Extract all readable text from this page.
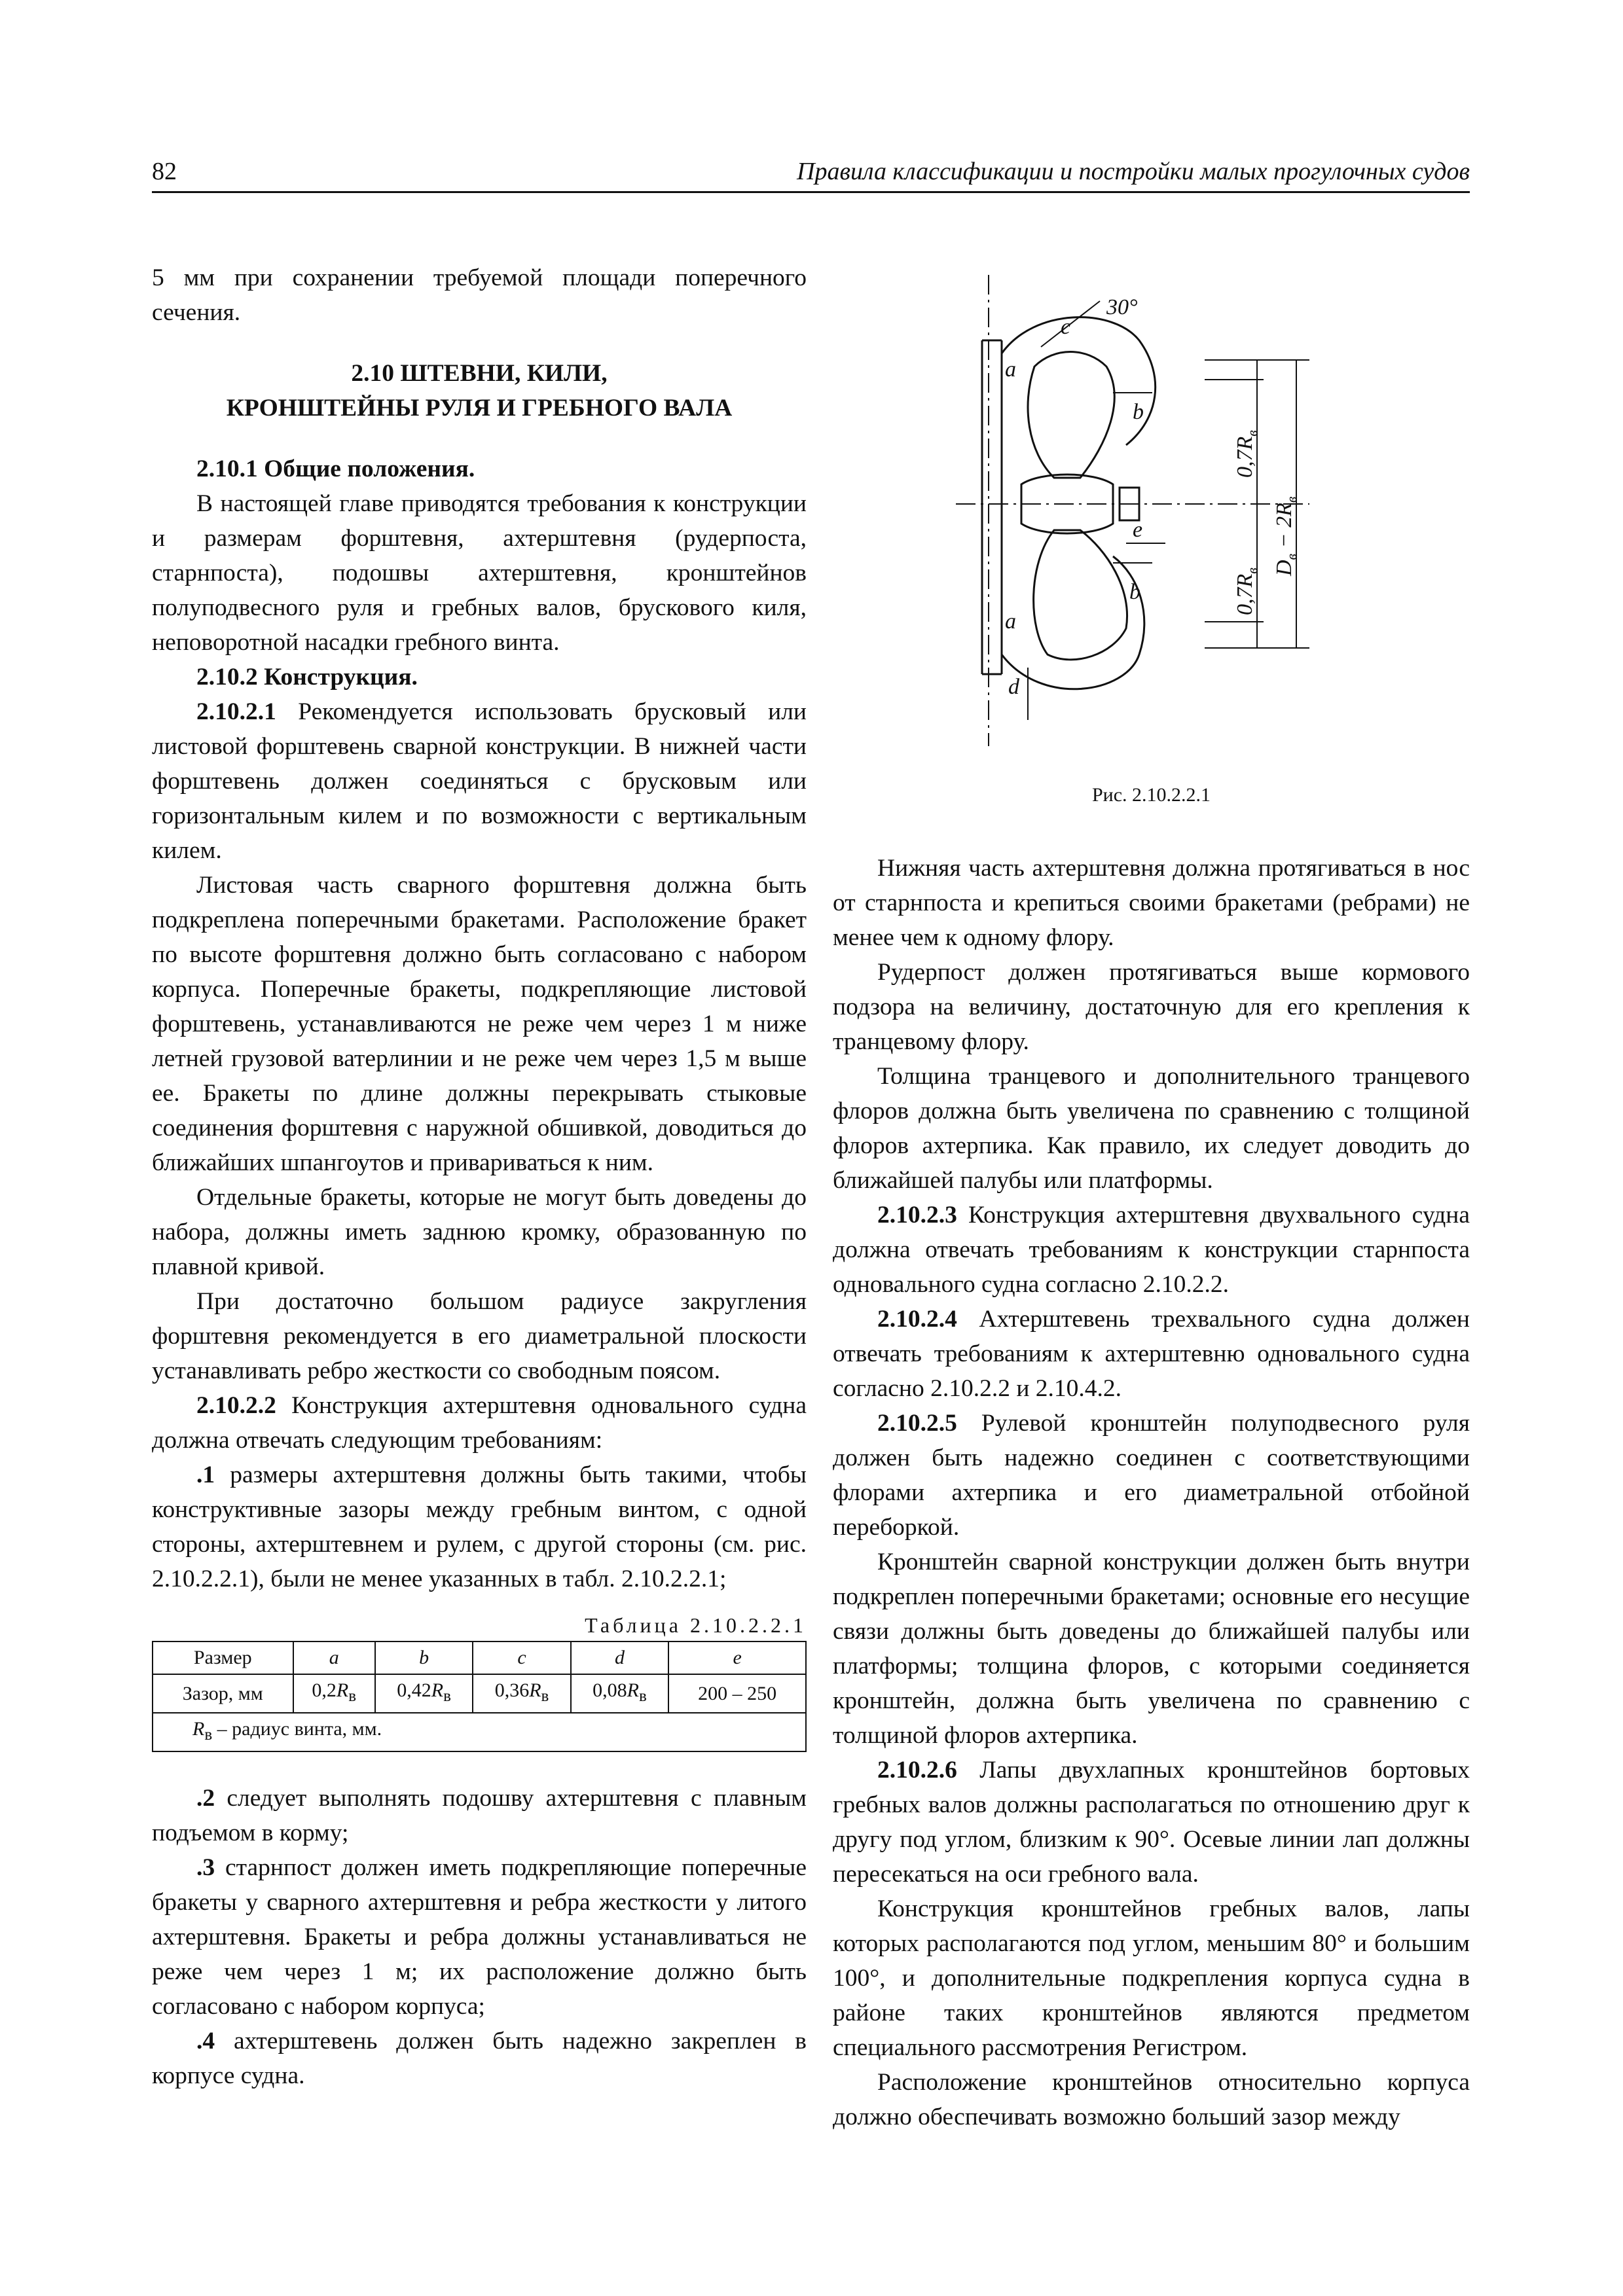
82	Правила классификации и постройки малых прогулочных судов

5 мм при сохранении требуемой площади поперечного сечения.

2.10 ШТЕВНИ, КИЛИ,
КРОНШТЕЙНЫ РУЛЯ И ГРЕБНОГО ВАЛА

2.10.1 Общие положения.

В настоящей главе приводятся требования к конструкции и размерам форштевня, ахтерштевня (рудерпоста, старнпоста), подошвы ахтерштевня, кронштейнов полуподвесного руля и гребных валов, брускового киля, неповоротной насадки гребного винта.

2.10.2 Конструкция.

2.10.2.1 Рекомендуется использовать брусковый или листовой форштевень сварной конструкции. В нижней части форштевень должен соединяться с брусковым или горизонтальным килем и по возможности с вертикальным килем.

Листовая часть сварного форштевня должна быть подкреплена поперечными бракетами. Расположение бракет по высоте форштевня должно быть согласовано с набором корпуса. Поперечные бракеты, подкрепляющие листовой форштевень, устанавливаются не реже чем через 1 м ниже летней грузовой ватерлинии и не реже чем через 1,5 м выше ее. Бракеты по длине должны перекрывать стыковые соединения форштевня с наружной обшивкой, доводиться до ближайших шпангоутов и привариваться к ним.

Отдельные бракеты, которые не могут быть доведены до набора, должны иметь заднюю кромку, образованную по плавной кривой.

При достаточно большом радиусе закругления форштевня рекомендуется в его диаметральной плоскости устанавливать ребро жесткости со свободным поясом.

2.10.2.2 Конструкция ахтерштевня одновального судна должна отвечать следующим требованиям:

.1 размеры ахтерштевня должны быть такими, чтобы конструктивные зазоры между гребным винтом, с одной стороны, ахтерштевнем и рулем, с другой стороны (см. рис. 2.10.2.2.1), были не менее указанных в табл. 2.10.2.2.1;

Таблица 2.10.2.2.1
Размер	a	b	c	d	e
Зазор, мм	$0,2R_в$	$0,42R_в$	$0,36R_в$	$0,08R_в$	200 – 250
$R_в$ – радиус винта, мм.					

.2 следует выполнять подошву ахтерштевня с плавным подъемом в корму;

.3 старнпост должен иметь подкрепляющие поперечные бракеты у сварного ахтерштевня и ребра жесткости у литого ахтерштевня. Бракеты и ребра должны устанавливаться не реже чем через 1 м; их расположение должно быть согласовано с набором корпуса;

.4 ахтерштевень должен быть надежно закреплен в корпусе судна.

a
c
30°
b
e
b
a
d
$0,7R_в$
$0,7R_в$ $D_в - 2R_в$
Рис. 2.10.2.2.1

Нижняя часть ахтерштевня должна протягиваться в нос от старнпоста и крепиться своими бракетами (ребрами) не менее чем к одному флору.

Рудерпост должен протягиваться выше кормового подзора на величину, достаточную для его крепления к транцевому флору.

Толщина транцевого и дополнительного транцевого флоров должна быть увеличена по сравнению с толщиной флоров ахтерпика. Как правило, их следует доводить до ближайшей палубы или платформы.

2.10.2.3 Конструкция ахтерштевня двухвального судна должна отвечать требованиям к конструкции старнпоста одновального судна согласно 2.10.2.2.

2.10.2.4 Ахтерштевень трехвального судна должен отвечать требованиям к ахтерштевню одновального судна согласно 2.10.2.2 и 2.10.4.2.

2.10.2.5 Рулевой кронштейн полуподвесного руля должен быть надежно соединен с соответствующими флорами ахтерпика и его диаметральной отбойной переборкой.

Кронштейн сварной конструкции должен быть внутри подкреплен поперечными бракетами; основные его несущие связи должны быть доведены до ближайшей палубы или платформы; толщина флоров, с которыми соединяется кронштейн, должна быть увеличена по сравнению с толщиной флоров ахтерпика.

2.10.2.6 Лапы двухлапных кронштейнов бортовых гребных валов должны располагаться по отношению друг к другу под углом, близким к 90°. Осевые линии лап должны пересекаться на оси гребного вала.

Конструкция кронштейнов гребных валов, лапы которых располагаются под углом, меньшим 80° и большим 100°, и дополнительные подкрепления корпуса судна в районе таких кронштейнов являются предметом специального рассмотрения Регистром.

Расположение кронштейнов относительно корпуса должно обеспечивать возможно больший зазор между
